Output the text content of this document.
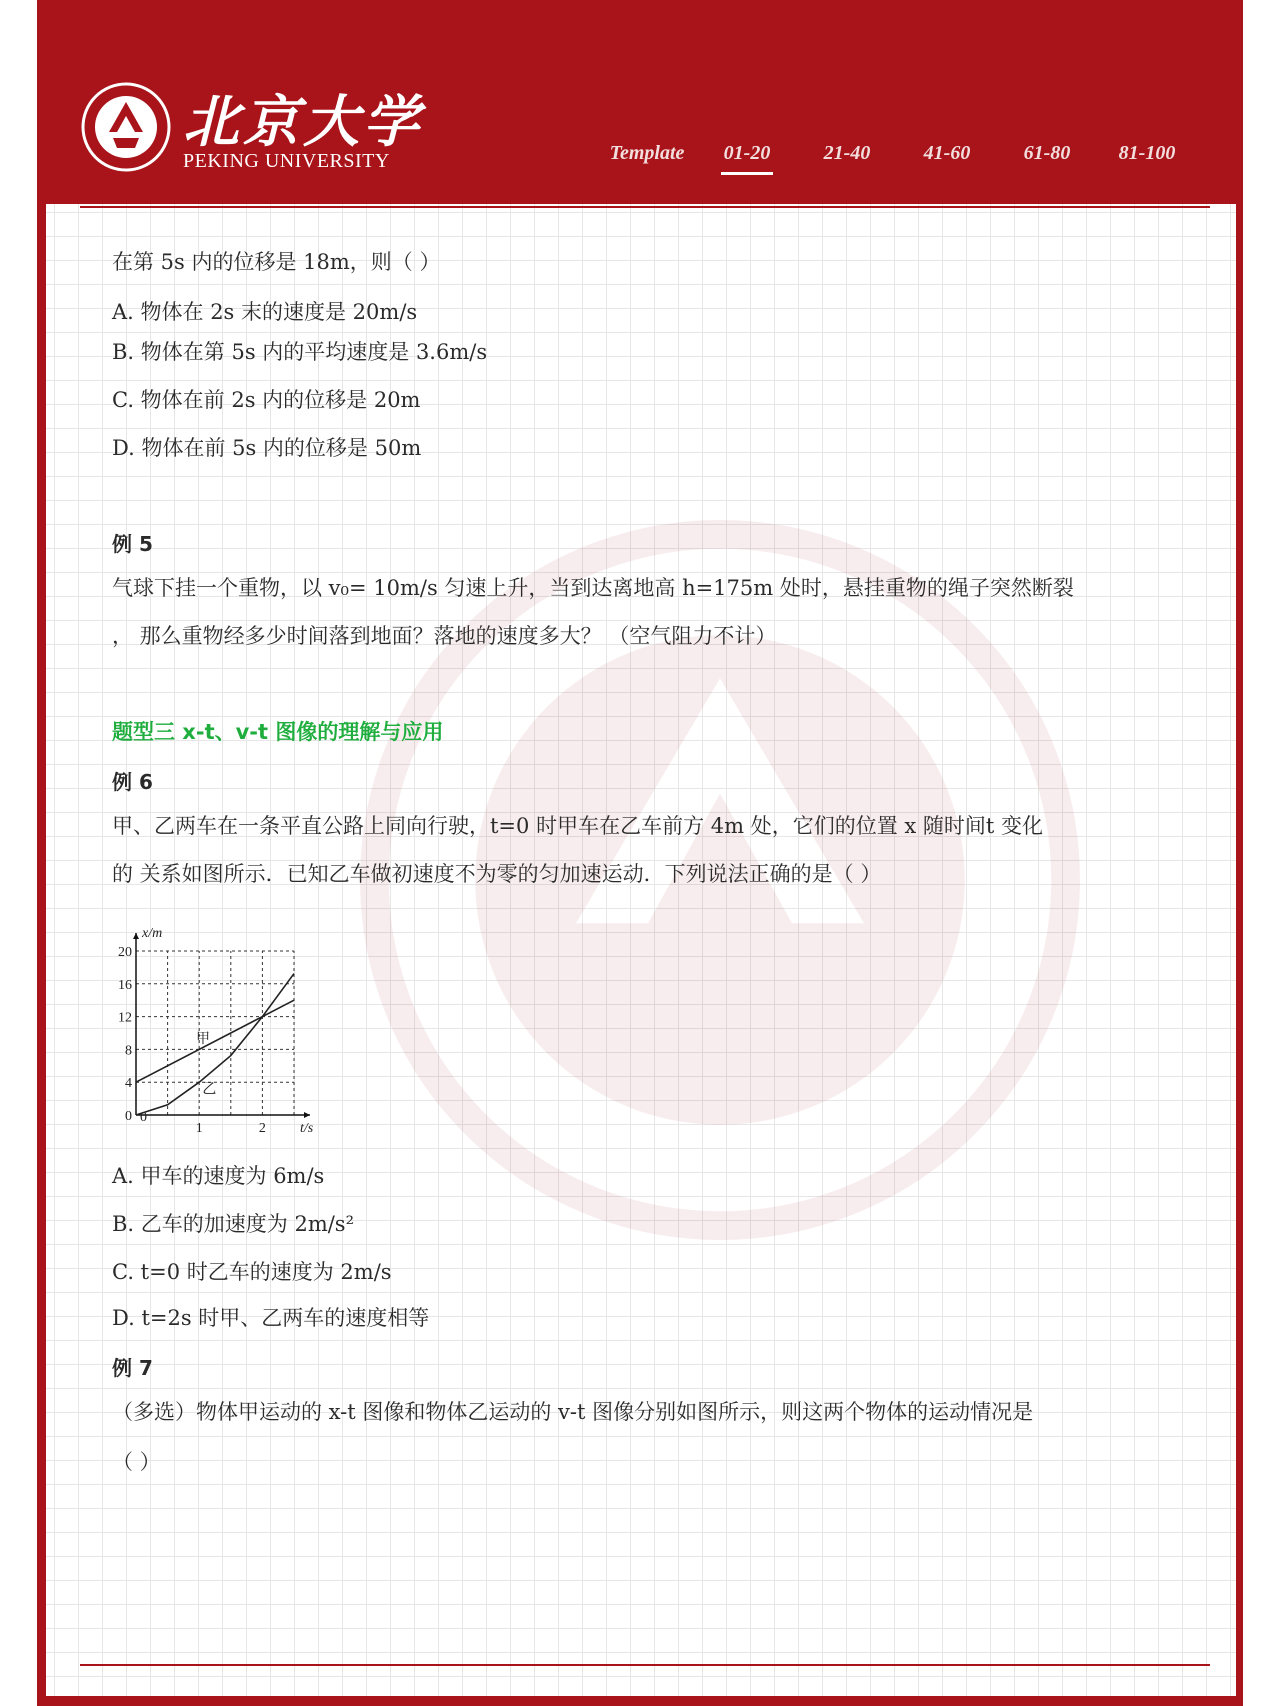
北京大学
PEKING UNIVERSITY	Template	01-20	21-40	41-60	61-80	81-100
在第 5s 内的位移是 18m，则（ ）
A. 物体在 2s 末的速度是 20m/s
B. 物体在第 5s 内的平均速度是 3.6m/s
C. 物体在前 2s 内的位移是 20m
D. 物体在前 5s 内的位移是 50m
例 5
气球下挂一个重物，以 v₀= 10m/s 匀速上升，当到达离地高 h=175m 处时，悬挂重物的绳子突然断裂
， 那么重物经多少时间落到地面？落地的速度多大？ （空气阻力不计）
题型三 x-t、v-t 图像的理解与应用
例 6
甲、乙两车在一条平直公路上同向行驶，t=0 时甲车在乙车前方 4m 处，它们的位置 x 随时间t 变化
的 关系如图所示．已知乙车做初速度不为零的匀加速运动．下列说法正确的是（ ）
A. 甲车的速度为 6m/s
B. 乙车的加速度为 2m/s²
C. t=0 时乙车的速度为 2m/s
D. t=2s 时甲、乙两车的速度相等
例 7
（多选）物体甲运动的 x-t 图像和物体乙运动的 v-t 图像分别如图所示，则这两个物体的运动情况是
（ ）
0
4
8
12
16
20
1	2
0
x/m
t/s
甲
乙
